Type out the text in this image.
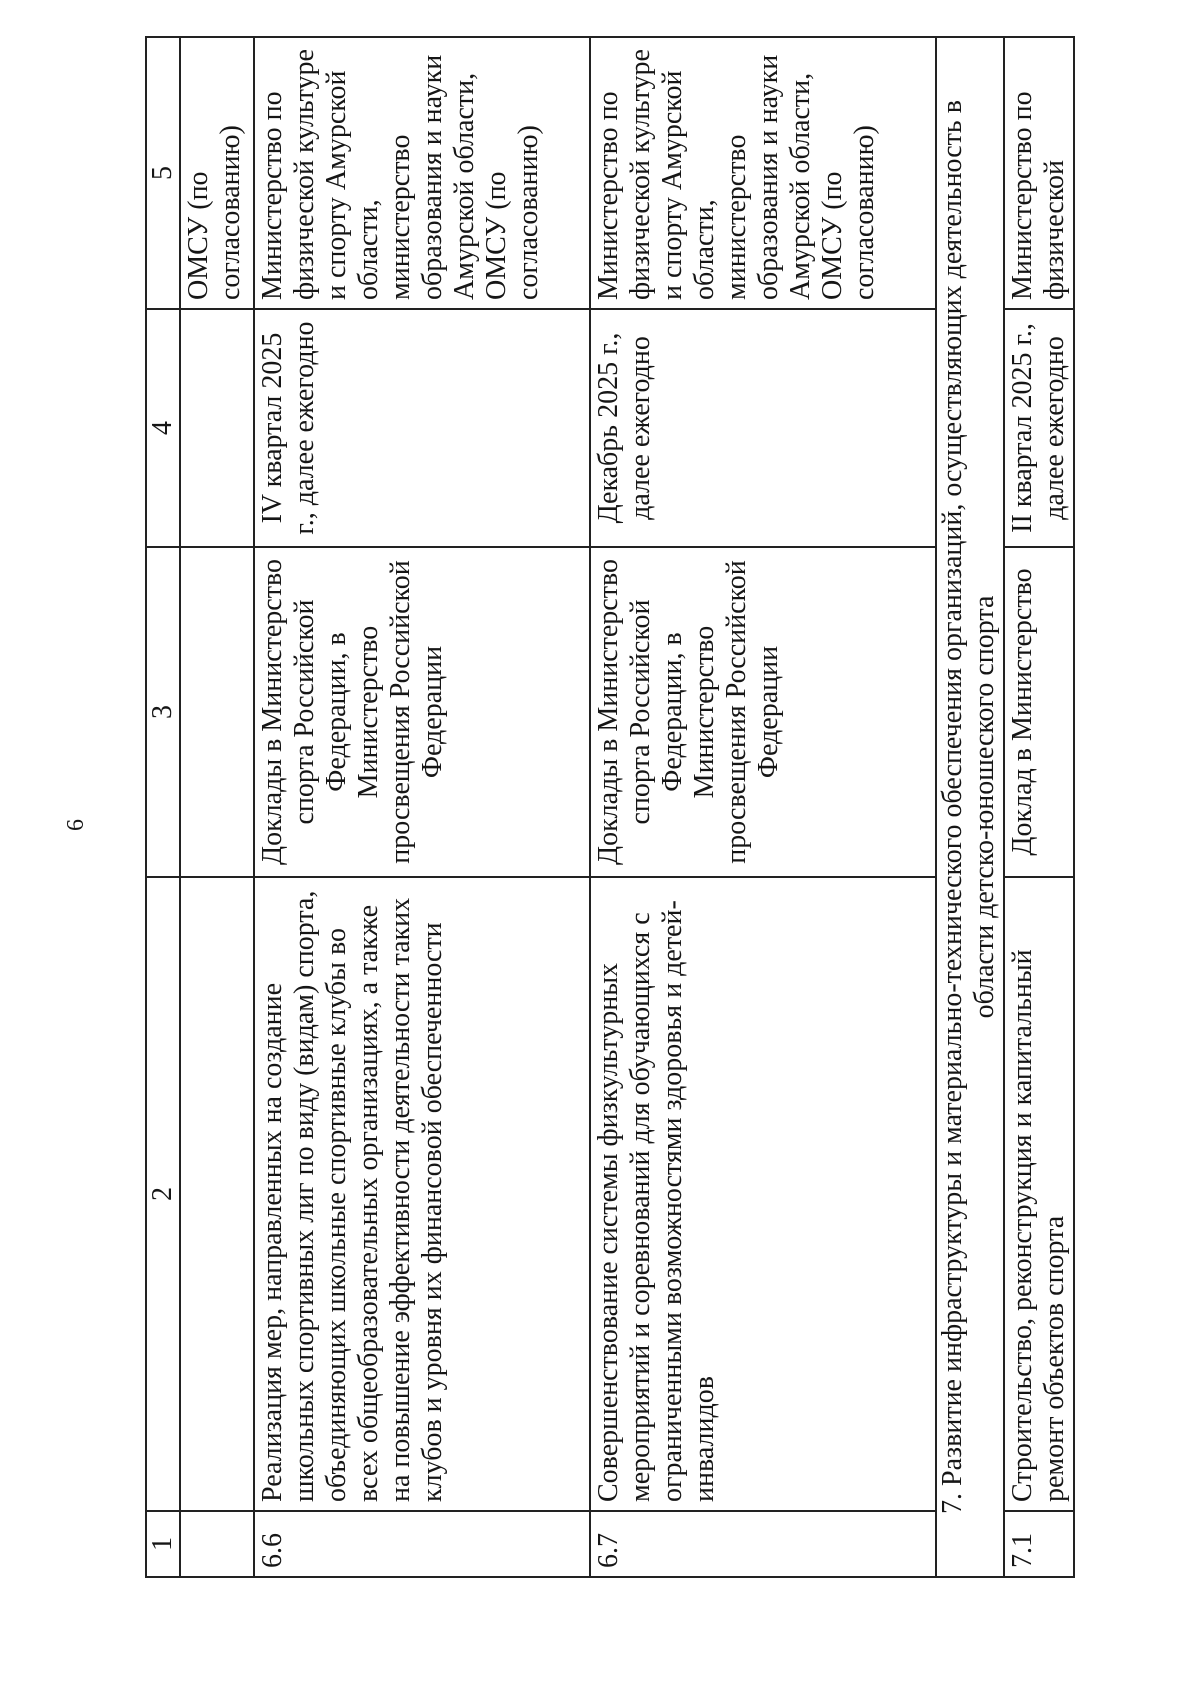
6
1	2	3	4	5
				ОМСУ (по согласованию)
6.6	Реализация мер, направленных на создание школьных спортивных лиг по виду (видам) спорта, объединяющих школьные спортивные клубы во всех общеобразовательных организациях, а также на повышение эффективности деятельности таких клубов и уровня их финансовой обеспеченности	Доклады в Министерство спорта Российской Федерации, в Министерство просвещения Российской Федерации	IV квартал 2025 г., далее ежегодно	Министерство по физической культуре и спорту Амурской области, министерство образования и науки Амурской области, ОМСУ (по согласованию)
6.7	Совершенствование системы физкультурных мероприятий и соревнований для обучающихся с ограниченными возможностями здоровья и детей-инвалидов	Доклады в Министерство спорта Российской Федерации, в Министерство просвещения Российской Федерации	Декабрь 2025 г., далее ежегодно	Министерство по физической культуре и спорту Амурской области, министерство образования и науки Амурской области, ОМСУ (по согласованию)
7. Развитие инфраструктуры и материально-технического обеспечения организаций, осуществляющих деятельность в области детско-юношеского спорта				
7.1	Строительство, реконструкция и капитальный ремонт объектов спорта	Доклад в Министерство	II квартал 2025 г., далее ежегодно	Министерство по физической
